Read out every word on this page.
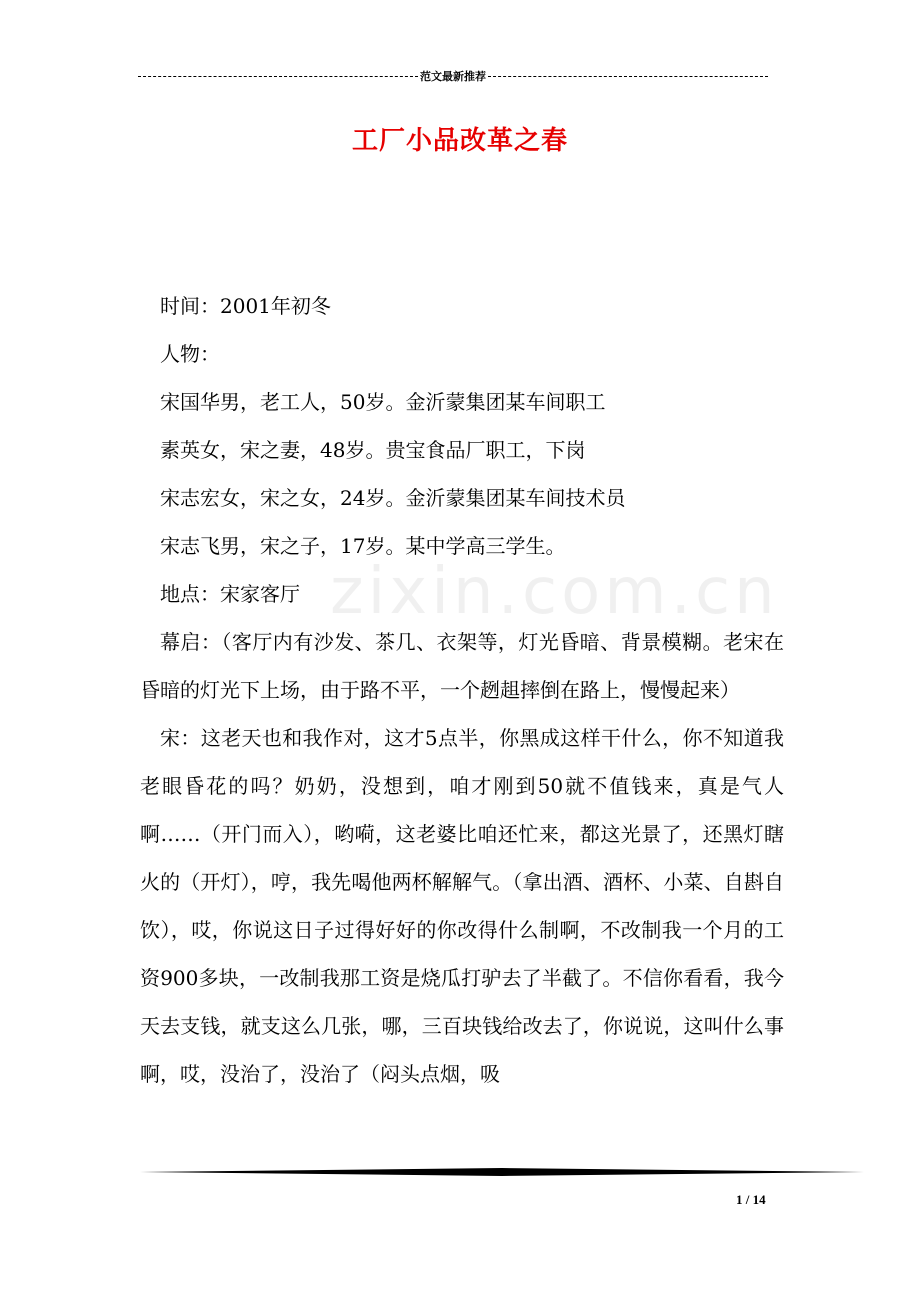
范文最新推荐
工厂小品改革之春
zixin.com.cn

时间：2001年初冬

人物：

宋国华男，老工人，50岁。金沂蒙集团某车间职工

素英女，宋之妻，48岁。贵宝食品厂职工，下岗

宋志宏女，宋之女，24岁。金沂蒙集团某车间技术员

宋志飞男，宋之子，17岁。某中学高三学生。

地点：宋家客厅

幕启：（客厅内有沙发、茶几、衣架等，灯光昏暗、背景模糊。老宋在昏暗的灯光下上场，由于路不平，一个趔趄摔倒在路上，慢慢起来）

宋：这老天也和我作对，这才5点半，你黑成这样干什么，你不知道我老眼昏花的吗？奶奶，没想到，咱才刚到50就不值钱来，真是气人啊……（开门而入），哟嗬，这老婆比咱还忙来，都这光景了，还黑灯瞎火的（开灯），哼，我先喝他两杯解解气。（拿出酒、酒杯、小菜、自斟自饮），哎，你说这日子过得好好的你改得什么制啊，不改制我一个月的工资900多块，一改制我那工资是烧瓜打驴去了半截了。不信你看看，我今天去支钱，就支这么几张，哪，三百块钱给改去了，你说说，这叫什么事啊，哎，没治了，没治了（闷头点烟，吸

1 / 14
